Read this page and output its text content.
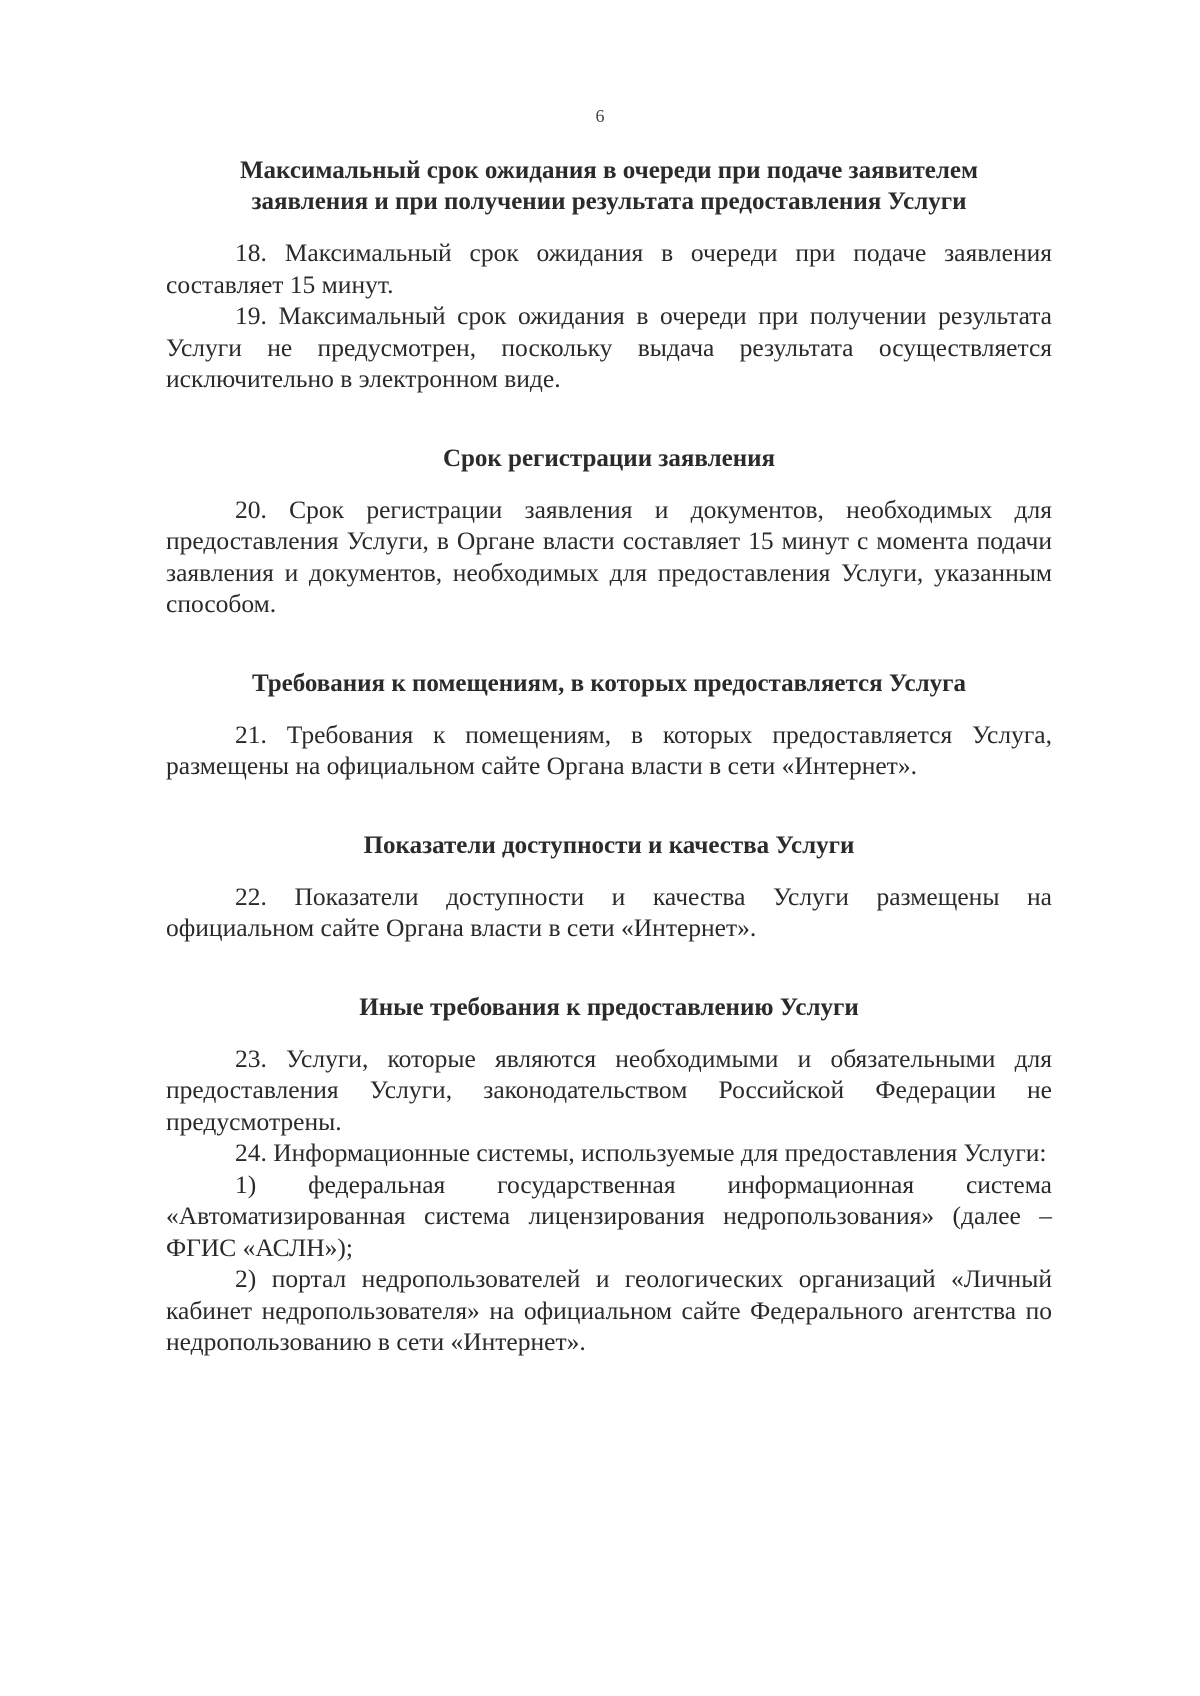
6

Максимальный срок ожидания в очереди при подаче заявителем
заявления и при получении результата предоставления Услуги

18. Максимальный срок ожидания в очереди при подаче заявления составляет 15 минут.

19. Максимальный срок ожидания в очереди при получении результата Услуги не предусмотрен, поскольку выдача результата осуществляется исключительно в электронном виде.

Срок регистрации заявления

20. Срок регистрации заявления и документов, необходимых для предоставления Услуги, в Органе власти составляет 15 минут с момента подачи заявления и документов, необходимых для предоставления Услуги, указанным способом.

Требования к помещениям, в которых предоставляется Услуга

21. Требования к помещениям, в которых предоставляется Услуга, размещены на официальном сайте Органа власти в сети «Интернет».

Показатели доступности и качества Услуги

22. Показатели доступности и качества Услуги размещены на официальном сайте Органа власти в сети «Интернет».

Иные требования к предоставлению Услуги

23. Услуги, которые являются необходимыми и обязательными для предоставления Услуги, законодательством Российской Федерации не предусмотрены.

24. Информационные системы, используемые для предоставления Услуги:

1) федеральная государственная информационная система «Автоматизированная система лицензирования недропользования» (далее – ФГИС «АСЛН»);

2) портал недропользователей и геологических организаций «Личный кабинет недропользователя» на официальном сайте Федерального агентства по недропользованию в сети «Интернет».
